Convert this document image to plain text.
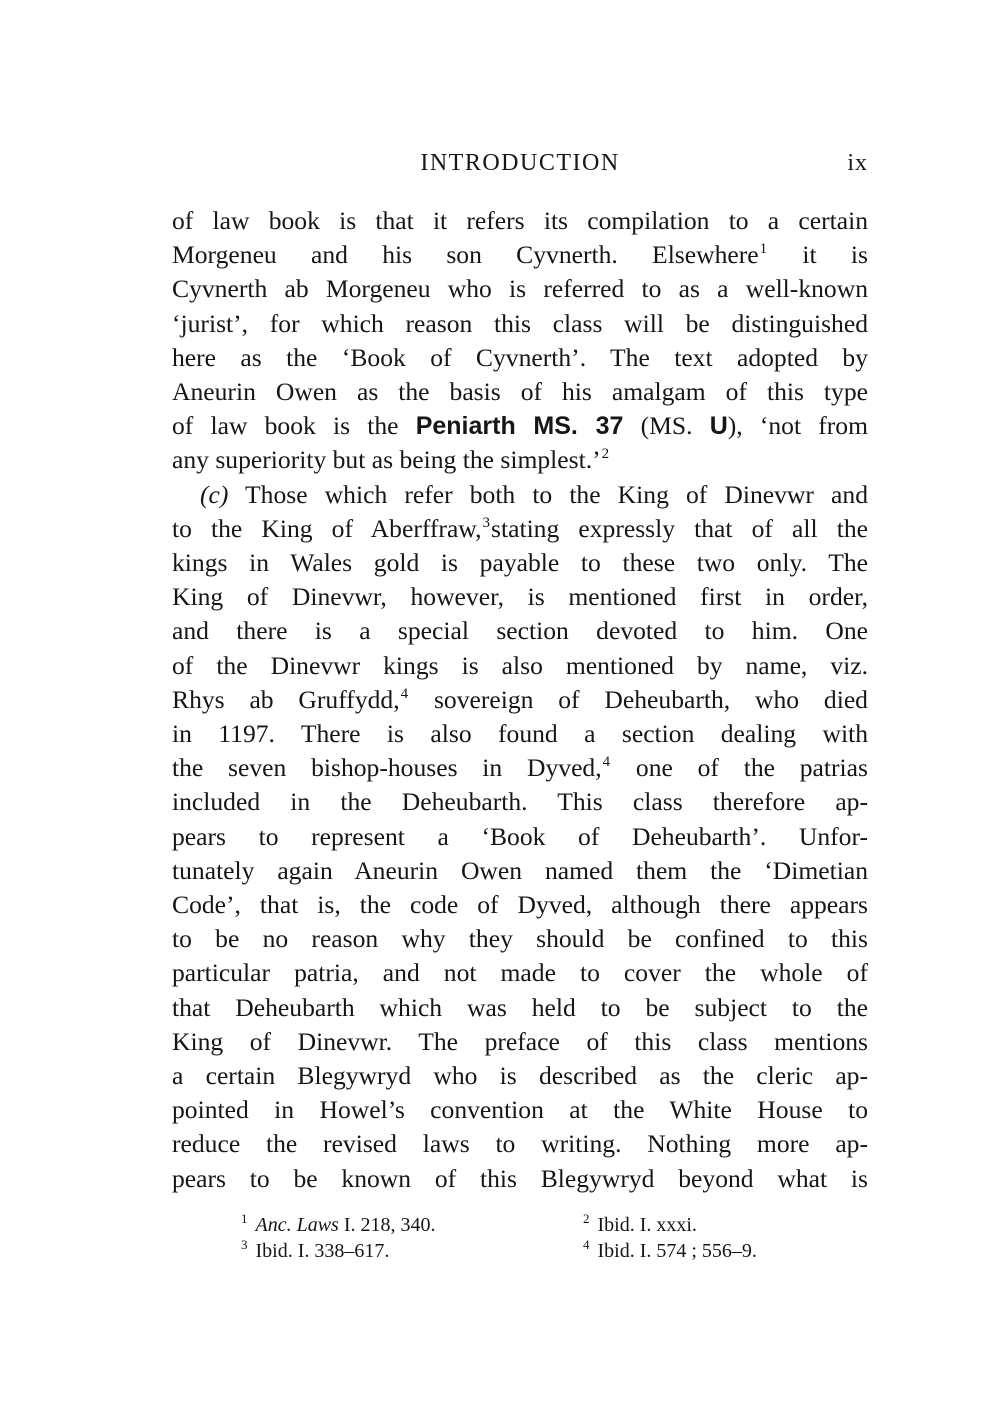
INTRODUCTION	ix
of law book is that it refers its compilation to a certain
Morgeneu and his son Cyvnerth. Elsewhere$^1$ it is
Cyvnerth ab Morgeneu who is referred to as a well-known
‘jurist’, for which reason this class will be distinguished
here as the ‘Book of Cyvnerth’. The text adopted by
Aneurin Owen as the basis of his amalgam of this type
of law book is the Peniarth MS. 37 (MS. U), ‘not from
any superiority but as being the simplest.’$^2$
(c) Those which refer both to the King of Dinevwr and
to the King of Aberffraw,$^3$stating expressly that of all the
kings in Wales gold is payable to these two only. The
King of Dinevwr, however, is mentioned first in order,
and there is a special section devoted to him. One
of the Dinevwr kings is also mentioned by name, viz.
Rhys ab Gruffydd,$^4$ sovereign of Deheubarth, who died
in 1197. There is also found a section dealing with
the seven bishop-houses in Dyved,$^4$ one of the patrias
included in the Deheubarth. This class therefore ap-
pears to represent a ‘Book of Deheubarth’. Unfor-
tunately again Aneurin Owen named them the ‘Dimetian
Code’, that is, the code of Dyved, although there appears
to be no reason why they should be confined to this
particular patria, and not made to cover the whole of
that Deheubarth which was held to be subject to the
King of Dinevwr. The preface of this class mentions
a certain Blegywryd who is described as the cleric ap-
pointed in Howel’s convention at the White House to
reduce the revised laws to writing. Nothing more ap-
pears to be known of this Blegywryd beyond what is
$^1$ Anc. Laws I. 218, 340.	$^2$ Ibid. I. xxxi.
$^3$ Ibid. I. 338–617.	$^4$ Ibid. I. 574 ; 556–9.
